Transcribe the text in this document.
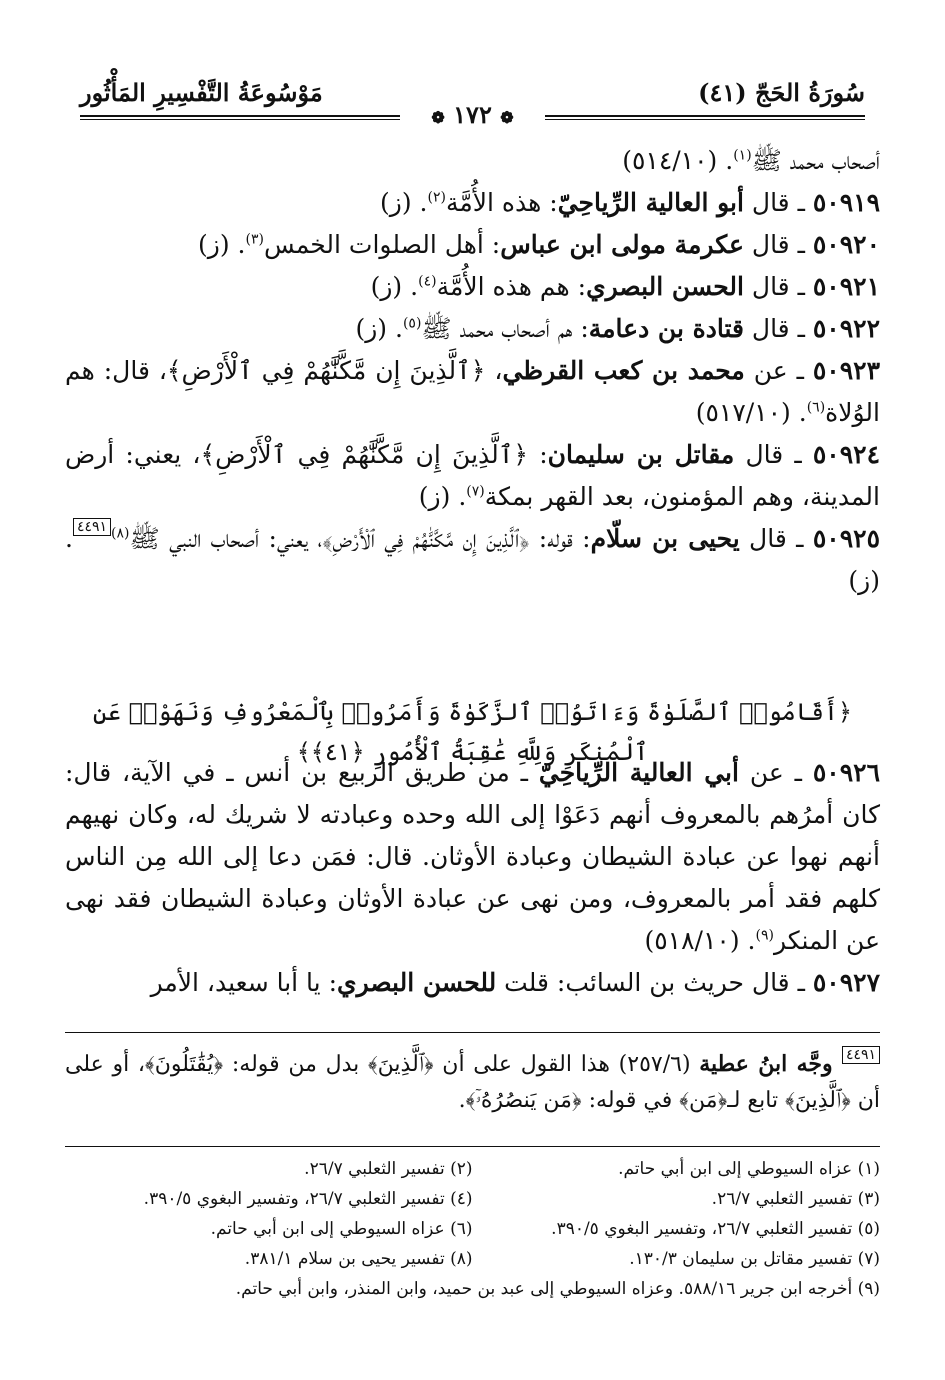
سُورَةُ الحَجّ (٤١)
مَوْسُوعَةُ التَّفْسِيرِ المَأْثُور
❁ ١٧٢ ❁

أصحاب محمد ﷺ$^{(١)}$. (٥١٤/١٠)

٥٠٩١٩ ـ قال أبو العالية الرِّياحِيّ: هذه الأُمَّة$^{(٢)}$. (ز)

٥٠٩٢٠ ـ قال عكرمة مولى ابن عباس: أهل الصلوات الخمس$^{(٣)}$. (ز)

٥٠٩٢١ ـ قال الحسن البصري: هم هذه الأُمَّة$^{(٤)}$. (ز)

٥٠٩٢٢ ـ قال قتادة بن دعامة: هم أصحاب محمد ﷺ$^{(٥)}$. (ز)

٥٠٩٢٣ ـ عن محمد بن كعب القرظي، ﴿ٱلَّذِينَ إِن مَّكَّنَّٰهُمْ فِي ٱلْأَرْضِ﴾، قال: هم الوُلاة$^{(٦)}$. (٥١٧/١٠)

٥٠٩٢٤ ـ قال مقاتل بن سليمان: ﴿ٱلَّذِينَ إِن مَّكَّنَّٰهُمْ فِي ٱلْأَرْضِ﴾، يعني: أرض المدينة، وهم المؤمنون، بعد القهر بمكة$^{(٧)}$. (ز)

٥٠٩٢٥ ـ قال يحيى بن سلّام: قوله: ﴿ٱلَّذِينَ إِن مَّكَّنَّٰهُمْ فِي ٱلْأَرْضِ﴾، يعني: أصحاب النبي ﷺ$^{(٨)}$٤٤٩١. (ز)

﴿أَقَامُوا۟ ٱلصَّلَوٰةَ وَءَاتَوُا۟ ٱلزَّكَوٰةَ وَأَمَرُوا۟ بِٱلْمَعْرُوفِ وَنَهَوْا۟ عَنِ ٱلْمُنكَرِ وَلِلَّهِ عَٰقِبَةُ ٱلْأُمُورِ ﴿٤١﴾﴾

٥٠٩٢٦ ـ عن أبي العالية الرِّياحِيّ ـ من طريق الربيع بن أنس ـ في الآية، قال: كان أمرُهم بالمعروف أنهم دَعَوْا إلى الله وحده وعبادته لا شريك له، وكان نهيهم أنهم نهوا عن عبادة الشيطان وعبادة الأوثان. قال: فمَن دعا إلى الله مِن الناس كلهم فقد أمر بالمعروف، ومن نهى عن عبادة الأوثان وعبادة الشيطان فقد نهى عن المنكر$^{(٩)}$. (٥١٨/١٠)

٥٠٩٢٧ ـ قال حريث بن السائب: قلت للحسن البصري: يا أبا سعيد، الأمر

٤٤٩١ وجَّه ابنُ عطية (٢٥٧/٦) هذا القول على أن ﴿ٱلَّذِينَ﴾ بدل من قوله: ﴿يُقَٰتَلُونَ﴾، أو على أن ﴿ٱلَّذِينَ﴾ تابع لـ﴿مَن﴾ في قوله: ﴿مَن يَنصُرُهُۥٓ﴾.
(١) عزاه السيوطي إلى ابن أبي حاتم.
(٢) تفسير الثعلبي ٢٦/٧.
(٣) تفسير الثعلبي ٢٦/٧.
(٤) تفسير الثعلبي ٢٦/٧، وتفسير البغوي ٣٩٠/٥.
(٥) تفسير الثعلبي ٢٦/٧، وتفسير البغوي ٣٩٠/٥.
(٦) عزاه السيوطي إلى ابن أبي حاتم.
(٧) تفسير مقاتل بن سليمان ١٣٠/٣.
(٨) تفسير يحيى بن سلام ٣٨١/١.
(٩) أخرجه ابن جرير ٥٨٨/١٦. وعزاه السيوطي إلى عبد بن حميد، وابن المنذر، وابن أبي حاتم.
